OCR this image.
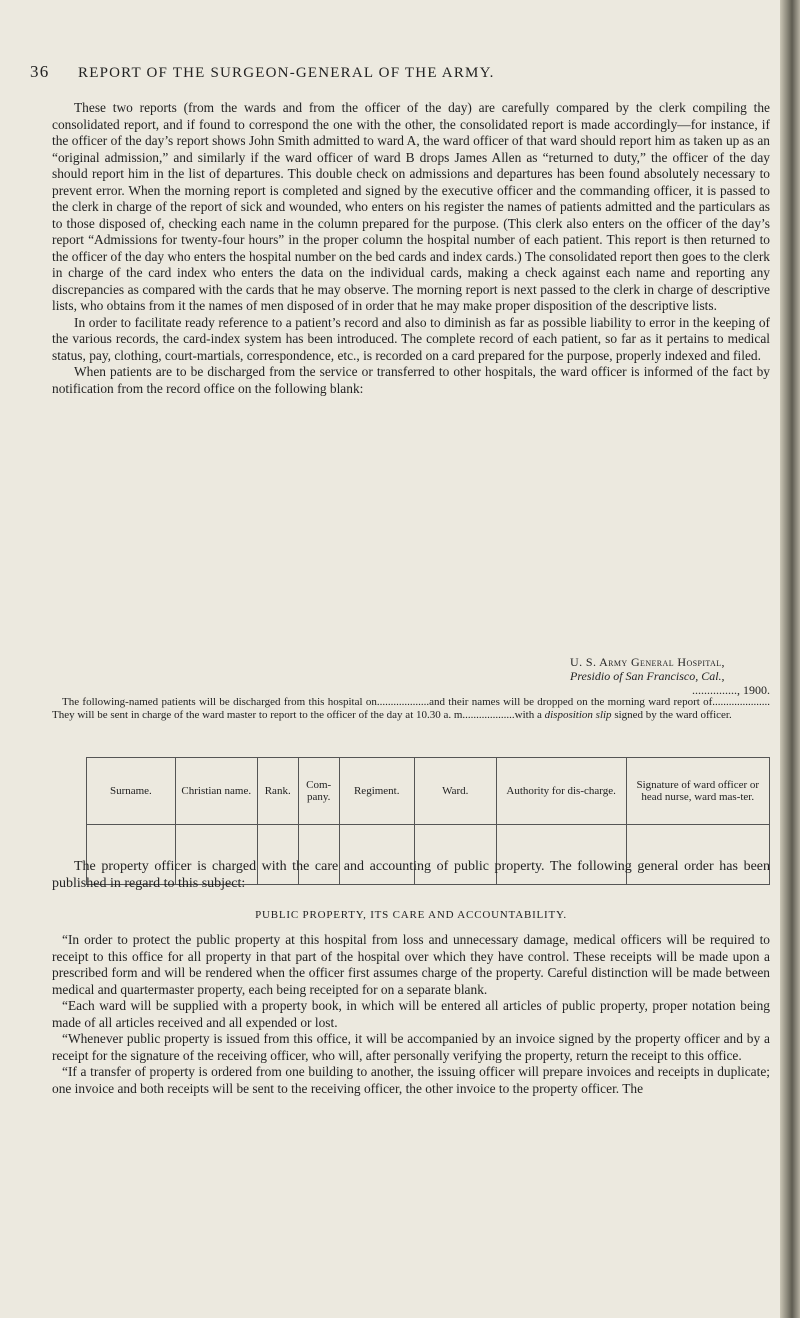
36 REPORT OF THE SURGEON-GENERAL OF THE ARMY.

These two reports (from the wards and from the officer of the day) are carefully compared by the clerk compiling the consolidated report, and if found to correspond the one with the other, the consolidated report is made accordingly—for instance, if the officer of the day’s report shows John Smith admitted to ward A, the ward officer of that ward should report him as taken up as an “original admission,” and similarly if the ward officer of ward B drops James Allen as “returned to duty,” the officer of the day should report him in the list of departures. This double check on admissions and departures has been found absolutely necessary to prevent error. When the morning report is completed and signed by the executive officer and the commanding officer, it is passed to the clerk in charge of the report of sick and wounded, who enters on his register the names of patients admitted and the particulars as to those disposed of, checking each name in the column prepared for the purpose. (This clerk also enters on the officer of the day’s report “Admissions for twenty-four hours” in the proper column the hospital number of each patient. This report is then returned to the officer of the day who enters the hospital number on the bed cards and index cards.) The consolidated report then goes to the clerk in charge of the card index who enters the data on the individual cards, making a check against each name and reporting any discrepancies as compared with the cards that he may observe. The morning report is next passed to the clerk in charge of descriptive lists, who obtains from it the names of men disposed of in order that he may make proper disposition of the descriptive lists.

In order to facilitate ready reference to a patient’s record and also to diminish as far as possible liability to error in the keeping of the various records, the card-index system has been introduced. The complete record of each patient, so far as it pertains to medical status, pay, clothing, court-martials, correspondence, etc., is recorded on a card prepared for the purpose, properly indexed and filed.

When patients are to be discharged from the service or transferred to other hospitals, the ward officer is informed of the fact by notification from the record office on the following blank:

U. S. Army General Hospital,
Presidio of San Francisco, Cal.,
..............., 1900.

The following-named patients will be discharged from this hospital on...................and their names will be dropped on the morning ward report of..................... They will be sent in charge of the ward master to report to the officer of the day at 10.30 a. m...................with a disposition slip signed by the ward officer.

Surname.	Christian name.	Rank.	Com-pany.	Regiment.	Ward.	Authority for dis-charge.	Signature of ward officer or head nurse, ward mas-ter.

The property officer is charged with the care and accounting of public property. The following general order has been published in regard to this subject:

PUBLIC PROPERTY, ITS CARE AND ACCOUNTABILITY.

“In order to protect the public property at this hospital from loss and unnecessary damage, medical officers will be required to receipt to this office for all property in that part of the hospital over which they have control. These receipts will be made upon a prescribed form and will be rendered when the officer first assumes charge of the property. Careful distinction will be made between medical and quartermaster property, each being receipted for on a separate blank.

“Each ward will be supplied with a property book, in which will be entered all articles of public property, proper notation being made of all articles received and all expended or lost.

“Whenever public property is issued from this office, it will be accompanied by an invoice signed by the property officer and by a receipt for the signature of the receiving officer, who will, after personally verifying the property, return the receipt to this office.

“If a transfer of property is ordered from one building to another, the issuing officer will prepare invoices and receipts in duplicate; one invoice and both receipts will be sent to the receiving officer, the other invoice to the property officer. The
